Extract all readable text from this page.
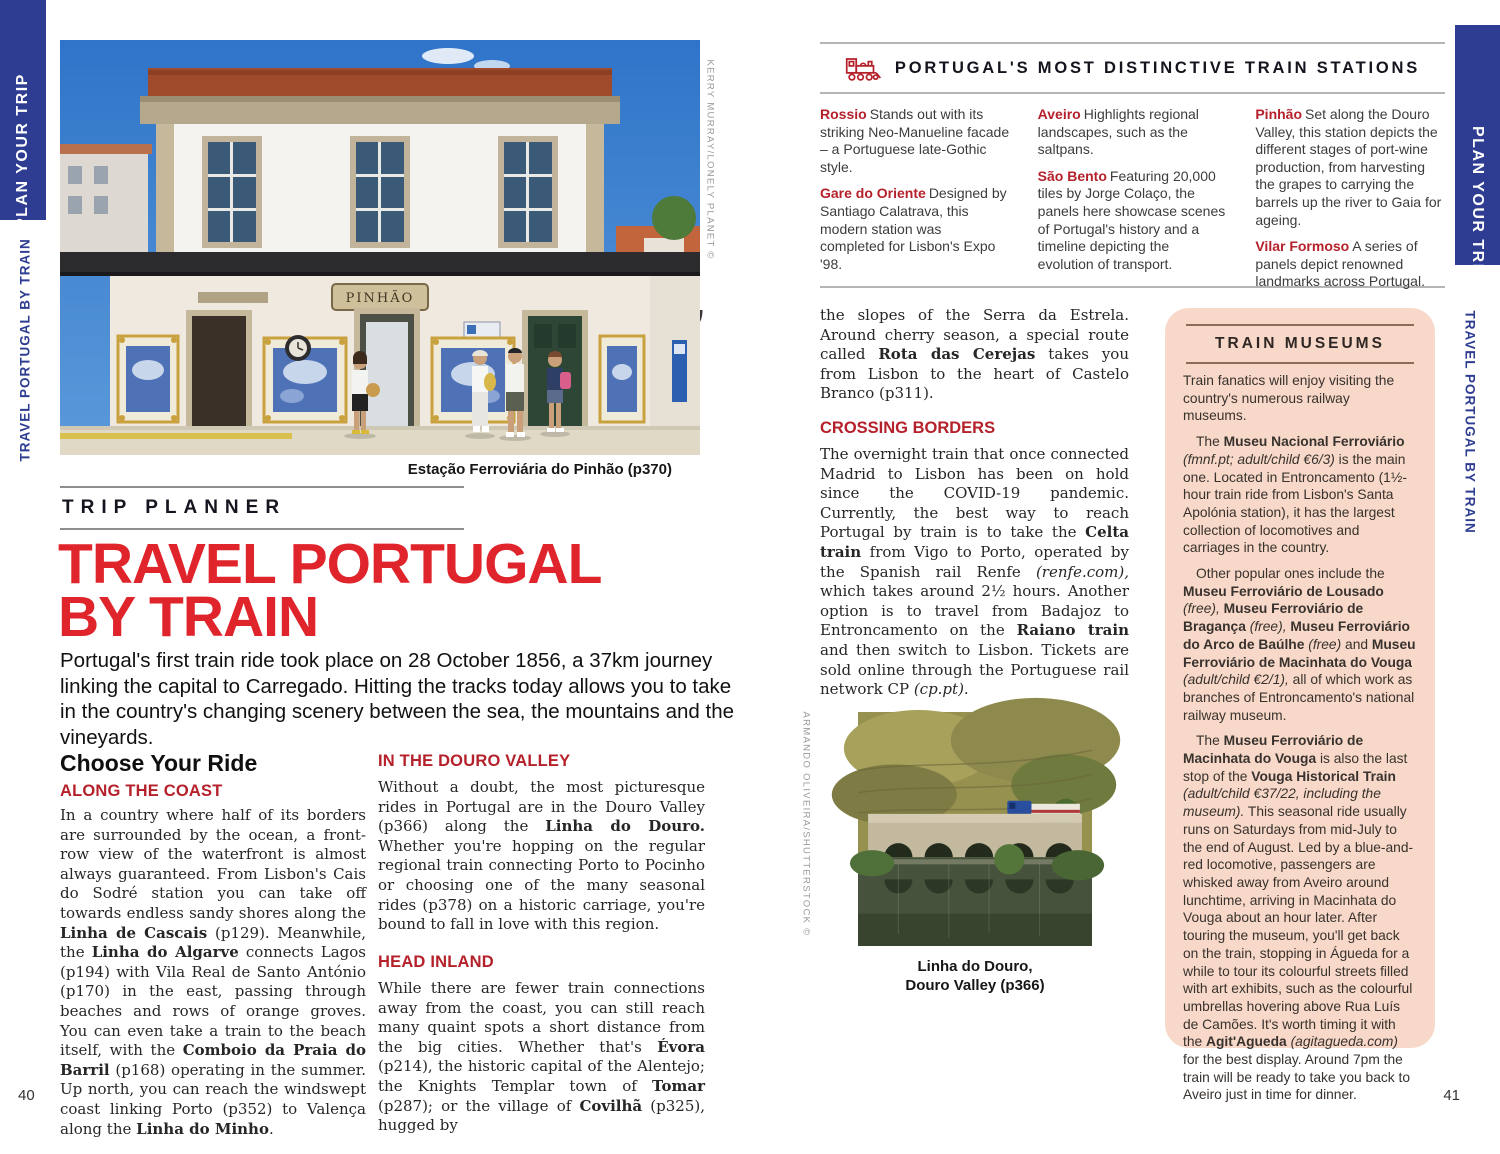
PLAN YOUR TRIP
TRAVEL PORTUGAL BY TRAIN
PLAN YOUR TRIP
TRAVEL PORTUGAL BY TRAIN
PINHÃO
KERRY MURRAY/LONELY PLANET ©
Estação Ferroviária do Pinhão (p370)
TRIP PLANNER
TRAVEL PORTUGAL
BY TRAIN
Portugal's first train ride took place on 28 October 1856, a 37km journey linking the capital to Carregado. Hitting the tracks today allows you to take in the country's changing scenery between the sea, the mountains and the vineyards.
Choose Your Ride
ALONG THE COAST
In a country where half of its borders are surrounded by the ocean, a front-row view of the waterfront is almost always guaranteed. From Lisbon's Cais do Sodré station you can take off towards endless sandy shores along the Linha de Cascais (p129). Meanwhile, the Linha do Algarve connects Lagos (p194) with Vila Real de Santo António (p170) in the east, passing through beaches and rows of orange groves. You can even take a train to the beach itself, with the Comboio da Praia do Barril (p168) operating in the summer. Up north, you can reach the windswept coast linking Porto (p352) to Valença along the Linha do Minho.
IN THE DOURO VALLEY
Without a doubt, the most picturesque rides in Portugal are in the Douro Valley (p366) along the Linha do Douro. Whether you're hopping on the regular regional train connecting Porto to Pocinho or choosing one of the many seasonal rides (p378) on a historic carriage, you're bound to fall in love with this region.
HEAD INLAND
While there are fewer train connections away from the coast, you can still reach many quaint spots a short distance from the big cities. Whether that's Évora (p214), the historic capital of the Alentejo; the Knights Templar town of Tomar (p287); or the village of Covilhã (p325), hugged by
40
PORTUGAL'S MOST DISTINCTIVE TRAIN STATIONS

Rossio Stands out with its striking Neo-Manueline facade – a Portuguese late-Gothic style.

Gare do Oriente Designed by Santiago Calatrava, this modern station was completed for Lisbon's Expo '98.

Aveiro Highlights regional landscapes, such as the saltpans.

São Bento Featuring 20,000 tiles by Jorge Colaço, the panels here showcase scenes of Portugal's history and a timeline depicting the evolution of transport.

Pinhão Set along the Douro Valley, this station depicts the different stages of port-wine production, from harvesting the grapes to carrying the barrels up the river to Gaia for ageing.

Vilar Formoso A series of panels depict renowned landmarks across Portugal.

the slopes of the Serra da Estrela. Around cherry season, a special route called Rota das Cerejas takes you from Lisbon to the heart of Castelo Branco (p311).

CROSSING BORDERS

The overnight train that once connected Madrid to Lisbon has been on hold since the COVID-19 pandemic. Currently, the best way to reach Portugal by train is to take the Celta train from Vigo to Porto, operated by the Spanish rail Renfe (renfe.com), which takes around 2½ hours. Another option is to travel from Badajoz to Entroncamento on the Raiano train and then switch to Lisbon. Tickets are sold online through the Portuguese rail network CP (cp.pt).

ARMANDO OLIVEIRA/SHUTTERSTOCK ©
Linha do Douro,
Douro Valley (p366)
TRAIN MUSEUMS

Train fanatics will enjoy visiting the country's numerous railway museums.

The Museu Nacional Ferroviário (fmnf.pt; adult/child €6/3) is the main one. Located in Entroncamento (1½-hour train ride from Lisbon's Santa Apolónia station), it has the largest collection of locomotives and carriages in the country.

Other popular ones include the Museu Ferroviário de Lousado (free), Museu Ferroviário de Bragança (free), Museu Ferroviário do Arco de Baúlhe (free) and Museu Ferroviário de Macinhata do Vouga (adult/child €2/1), all of which work as branches of Entroncamento's national railway museum.

The Museu Ferroviário de Macinhata do Vouga is also the last stop of the Vouga Historical Train (adult/child €37/22, including the museum). This seasonal ride usually runs on Saturdays from mid-July to the end of August. Led by a blue-and-red locomotive, passengers are whisked away from Aveiro around lunchtime, arriving in Macinhata do Vouga about an hour later. After touring the museum, you'll get back on the train, stopping in Águeda for a while to tour its colourful streets filled with art exhibits, such as the colourful umbrellas hovering above Rua Luís de Camões. It's worth timing it with the Agit'Agueda (agitagueda.com) for the best display. Around 7pm the train will be ready to take you back to Aveiro just in time for dinner.	41
